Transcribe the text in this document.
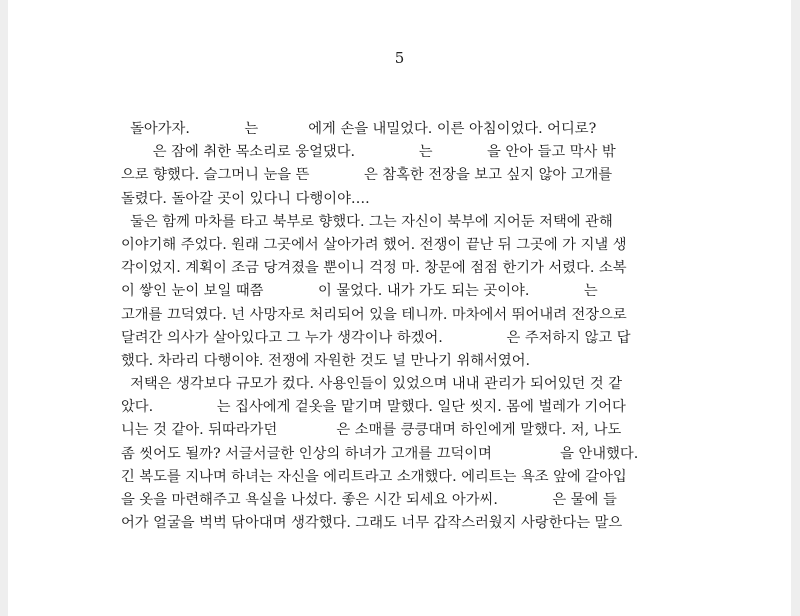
5
돌아가자.            는           에게 손을 내밀었다. 이른 아침이었다. 어디로?
은 잠에 취한 목소리로 웅얼댔다.              는            을 안아 들고 막사 밖
으로 향했다. 슬그머니 눈을 뜬            은 참혹한 전장을 보고 싶지 않아 고개를
돌렸다. 돌아갈 곳이 있다니 다행이야….
둘은 함께 마차를 타고 북부로 향했다. 그는 자신이 북부에 지어둔 저택에 관해
이야기해 주었다. 원래 그곳에서 살아가려 했어. 전쟁이 끝난 뒤 그곳에 가 지낼 생
각이었지. 계획이 조금 당겨졌을 뿐이니 걱정 마. 창문에 점점 한기가 서렸다. 소복
이 쌓인 눈이 보일 때쯤            이 물었다. 내가 가도 되는 곳이야.            는
고개를 끄덕였다. 넌 사망자로 처리되어 있을 테니까. 마차에서 뛰어내려 전장으로
달려간 의사가 살아있다고 그 누가 생각이나 하겠어.              은 주저하지 않고 답
했다. 차라리 다행이야. 전쟁에 자원한 것도 널 만나기 위해서였어.
저택은 생각보다 규모가 컸다. 사용인들이 있었으며 내내 관리가 되어있던 것 같
았다.              는 집사에게 겉옷을 맡기며 말했다. 일단 씻지. 몸에 벌레가 기어다
니는 것 같아. 뒤따라가던             은 소매를 킁킁대며 하인에게 말했다. 저, 나도
좀 씻어도 될까? 서글서글한 인상의 하녀가 고개를 끄덕이며               을 안내했다.
긴 복도를 지나며 하녀는 자신을 에리트라고 소개했다. 에리트는 욕조 앞에 갈아입
을 옷을 마련해주고 욕실을 나섰다. 좋은 시간 되세요 아가씨.            은 물에 들
어가 얼굴을 벅벅 닦아대며 생각했다. 그래도 너무 갑작스러웠지 사랑한다는 말으
